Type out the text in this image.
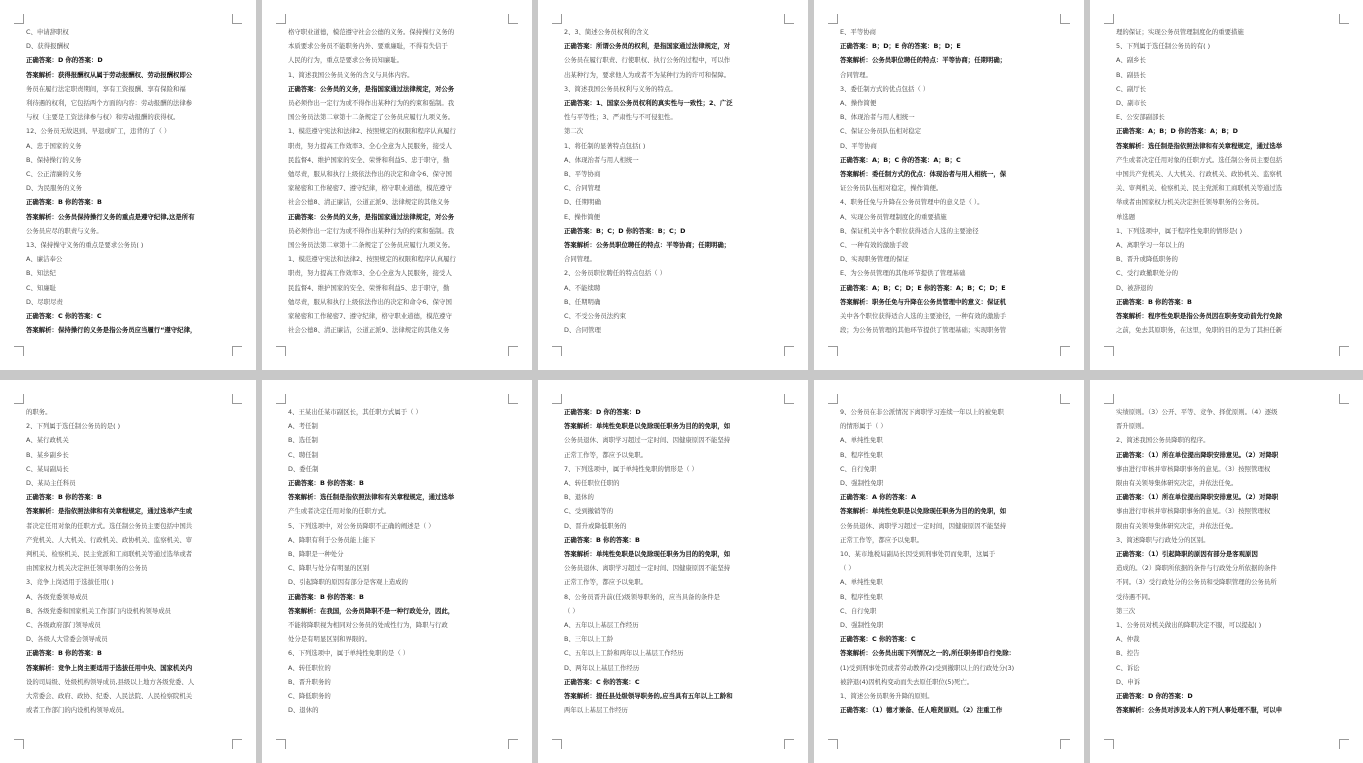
C、申请辞职权
D、获得报酬权
正确答案：D 你的答案：D
答案解析：获得报酬权从属于劳动报酬权、劳动报酬权即公
务员在履行法定职责期间，享有工资报酬、享有保险和福
利待遇的权利，它包括两个方面的内容：劳动报酬的法律参
与权（主要是工资法律参与权）和劳动报酬的获得权。
12、公务员无故迟到、早退或旷工，违背的了（ ）
A、忠于国家的义务
B、保持操行的义务
C、公正清廉的义务
D、为民服务的义务
正确答案：B 你的答案：B
答案解析：公务员保持操行义务的重点是遵守纪律,这是所有
公务员应尽的职责与义务。
13、保持操守义务的重点是要求公务员( )
A、廉洁奉公
B、知法纪
C、知廉耻
D、尽职尽责
正确答案：C 你的答案：C
答案解析：保持操行的义务是指公务员应当履行“遵守纪律，
格守职业道德，模范遵守社会公德的义务。保持操行义务的
本质要求公务员不能职务内外、要重廉耻，不得有失信于
人民的行为，重点是要求公务员知廉耻。
1、简述我国公务员义务的含义与具体内容。
正确答案：公务员的义务，是指国家通过法律规定，对公务
员必须作出一定行为或不得作出某种行为的约束和强制。我
国公务员法第二章第十二条规定了公务员应履行九项义务。
1、模范遵守宪法和法律2、按照规定的权限和程序认真履行
职责，努力提高工作效率3、全心全意为人民服务，接受人
民监督4、维护国家的安全、荣誉和利益5、忠于职守，勤
勉尽责，服从和执行上级依法作出的决定和命令6、保守国
家秘密和工作秘密7、遵守纪律，格守职业道德，模范遵守
社会公德8、清正廉洁，公道正派9、法律规定的其他义务
正确答案：公务员的义务，是指国家通过法律规定，对公务
员必须作出一定行为或不得作出某种行为的约束和强制。我
国公务员法第二章第十二条规定了公务员应履行九项义务。
1、模范遵守宪法和法律2、按照规定的权限和程序认真履行
职责，努力提高工作效率3、全心全意为人民服务，接受人
民监督4、维护国家的安全、荣誉和利益5、忠于职守，勤
勉尽责，服从和执行上级依法作出的决定和命令6、保守国
家秘密和工作秘密7、遵守纪律，格守职业道德，模范遵守
社会公德8、清正廉洁，公道正派9、法律规定的其他义务
2、3、简述公务员权利的含义
正确答案：所谓公务员的权利，是指国家通过法律规定，对
公务员在履行职责、行使职权、执行公务的过程中，可以作
出某种行为，要求他人为或者不为某种行为的许可和保障。
3、简述我国公务员权利与义务的特点。
正确答案：1、国家公务员权利的真实性与一致性；2、广泛
性与平等性；3、严肃性与不可侵犯性。
第二次
1、将任制的显著特点包括( )
A、体现治者与用人相统一
B、平等协商
C、合同管理
D、任期明确
E、操作简便
正确答案：B；C；D 你的答案：B；C；D
答案解析：公务员职位聘任的特点：平等协商；任期明确；
合同管理。
2、公务员职位聘任的特点包括（ ）
A、不能续聘
B、任期明确
C、不受公务员法约束
D、合同管理
E、平等协商
正确答案：B；D；E 你的答案：B；D；E
答案解析：公务员职位聘任的特点：平等协商；任期明确；
合同管理。
3、委任制方式的优点包括（ ）
A、操作简便
B、体现治者与用人相统一
C、保证公务员队伍相对稳定
D、平等协商
正确答案：A；B；C 你的答案：A；B；C
答案解析：委任制方式的优点：体现治者与用人相统一，保
证公务员队伍相对稳定，操作简便。
4、职务任免与升降在公务员管理中的意义是（ ）。
A、实现公务员管理制度化的重要措施
B、保证机关中各个职位获得适合人选的主要途径
C、一种有效的激励手段
D、实现职务管理的保证
E、为公务员管理的其他环节提供了管理基础
正确答案：A；B；C；D；E 你的答案：A；B；C；D；E
答案解析：职务任免与升降在公务员管理中的意义：保证机
关中各个职位获得适合人选的主要途径，一种有效的激励手
段；为公务员管理的其他环节提供了管理基础；实现职务管
理的保证；实现公务员管理制度化的重要措施
5、下列属于选任制公务员的有( )
A、副乡长
B、副县长
C、副厅长
D、副市长
E、公安部副部长
正确答案：A；B；D 你的答案：A；B；D
答案解析：选任制是指依照法律和有关章程规定，通过选举
产生或者决定任用对象的任职方式。选任制公务员主要包括
中国共产党机关、人大机关、行政机关、政协机关、监察机
关、审判机关、检察机关、民主党派和工商联机关等通过选
举或者由国家权力机关决定担任领导职务的公务员。
单选题
1、下列选项中，属于程序性免职的情形是( )
A、离职学习一年以上的
B、晋升或降低职务的
C、受行政撤职处分的
D、被辞退的
正确答案：B 你的答案：B
答案解析：程序性免职是指公务员因在职务变动前先行免除
之前，免去其原职务，在这里，免职的目的是为了其担任新
的职务。
2、下列属于选任制公务员的是( )
A、某行政机关
B、某乡副乡长
C、某局副局长
D、某局主任科员
正确答案：B 你的答案：B
答案解析：是指依照法律和有关章程规定，通过选举产生或
者决定任用对象的任职方式。选任制公务员主要包括中国共
产党机关、人大机关、行政机关、政协机关、监察机关、审
判机关、检察机关、民主党派和工商联机关等通过选举或者
由国家权力机关决定担任领导职务的公务员
3、竞争上岗适用于选拔任用( )
A、各级党委领导成员
B、各级党委和国家机关工作部门内设机构领导成员
C、各级政府部门领导成员
D、各级人大常委会领导成员
正确答案：B 你的答案：B
答案解析：竞争上岗主要适用于选拔任用中央、国家机关内
设的司局级、处级机构领导成员,县级以上地方各级党委、人
大常委会、政府、政协、纪委、人民法院、人民检察院机关
或者工作部门的内设机构领导成员。
4、王某出任某市副区长，其任职方式属于（ ）
A、考任制
B、选任制
C、聘任制
D、委任制
正确答案：B 你的答案：B
答案解析：选任制是指依照法律和有关章程规定，通过选举
产生或者决定任用对象的任职方式。
5、下列选项中，对公务员降职不正确的阐述是（ ）
A、降职有利于公务员能上能下
B、降职是一种处分
C、降职与处分有明显的区别
D、引起降职的原因有部分是客观上造成的
正确答案：B 你的答案：B
答案解析：在我国，公务员降职不是一种行政处分，因此，
不能将降职视为相同对公务员的处成性行为，降职与行政
处分是有明显区别和界限的。
6、下列选项中，属于单纯性免职的是（ ）
A、转任职位的
B、晋升职务的
C、降低职务的
D、退休的
正确答案：D 你的答案：D
答案解析：单纯性免职是以免除现任职务为目的的免职，如
公务员退休、离职学习超过一定时间、因健康原因不能坚持
正常工作等，都应予以免职。
7、下列选项中，属于单纯性免职的情形是（ ）
A、转任职位任职的
B、退休的
C、受到撤销等的
D、晋升或降低职务的
正确答案：B 你的答案：B
答案解析：单纯性免职是以免除现任职务为目的的免职，如
公务员退休、离职学习超过一定时间、因健康原因不能坚持
正常工作等，都应予以免职。
8、公务员晋升前(任)级领导职务的，应当具备的条件是
（ ）
A、五年以上基层工作经历
B、三年以上工龄
C、五年以上工龄和两年以上基层工作经历
D、两年以上基层工作经历
正确答案：C 你的答案：C
答案解析：提任县处级领导职务的,应当具有五年以上工龄和
两年以上基层工作经历
9、公务员在非公派情况下离职学习连续一年以上的被免职
的情形属于（ ）
A、单纯性免职
B、程序性免职
C、自行免职
D、强制性免职
正确答案：A 你的答案：A
答案解析：单纯性免职是以免除现任职务为目的的免职，如
公务员退休、离职学习超过一定时间，因健康原因不能坚持
正常工作等，都应予以免职。
10、某市地税局副局长因受到刑事处罚而免职，这属于
（ ）
A、单纯性免职
B、程序性免职
C、自行免职
D、强制性免职
正确答案：C 你的答案：C
答案解析：公务员出现下列情况之一的,所任职务即自行免除：
(1)受到刑事处罚或者劳动教养(2)受到撤职以上的行政处分(3)
被辞退(4)因机构变动而失去原任职位(5)死亡。
1、简述公务员职务升降的原则。
正确答案：（1）德才兼备、任人唯贤原则。（2）注重工作
实绩原则。（3）公开、平等、竞争、择优原则。（4）逐级
晋升原则。
2、简述我国公务员降职的程序。
正确答案：（1）所在单位提出降职安排意见。（2）对降职
事由进行审核并审核降职事务的意见。（3）按照管理权
限由有关领导集体研究决定，并依法任免。
正确答案：（1）所在单位提出降职安排意见。（2）对降职
事由进行审核并审核降职事务的意见。（3）按照管理权
限由有关领导集体研究决定，并依法任免。
3、简述降职与行政处分的区别。
正确答案：（1）引起降职的原因有部分是客观原因
造成的。（2）降职所依据的条件与行政处分所依据的条件
不同。（3）受行政处分的公务员和受降职管理的公务员所
受待遇不同。
第三次
1、公务员对机关做出的降职决定不服，可以提起( )
A、仲裁
B、控告
C、诉讼
D、申诉
正确答案：D 你的答案：D
答案解析：公务员对涉及本人的下列人事处理不服，可以申
